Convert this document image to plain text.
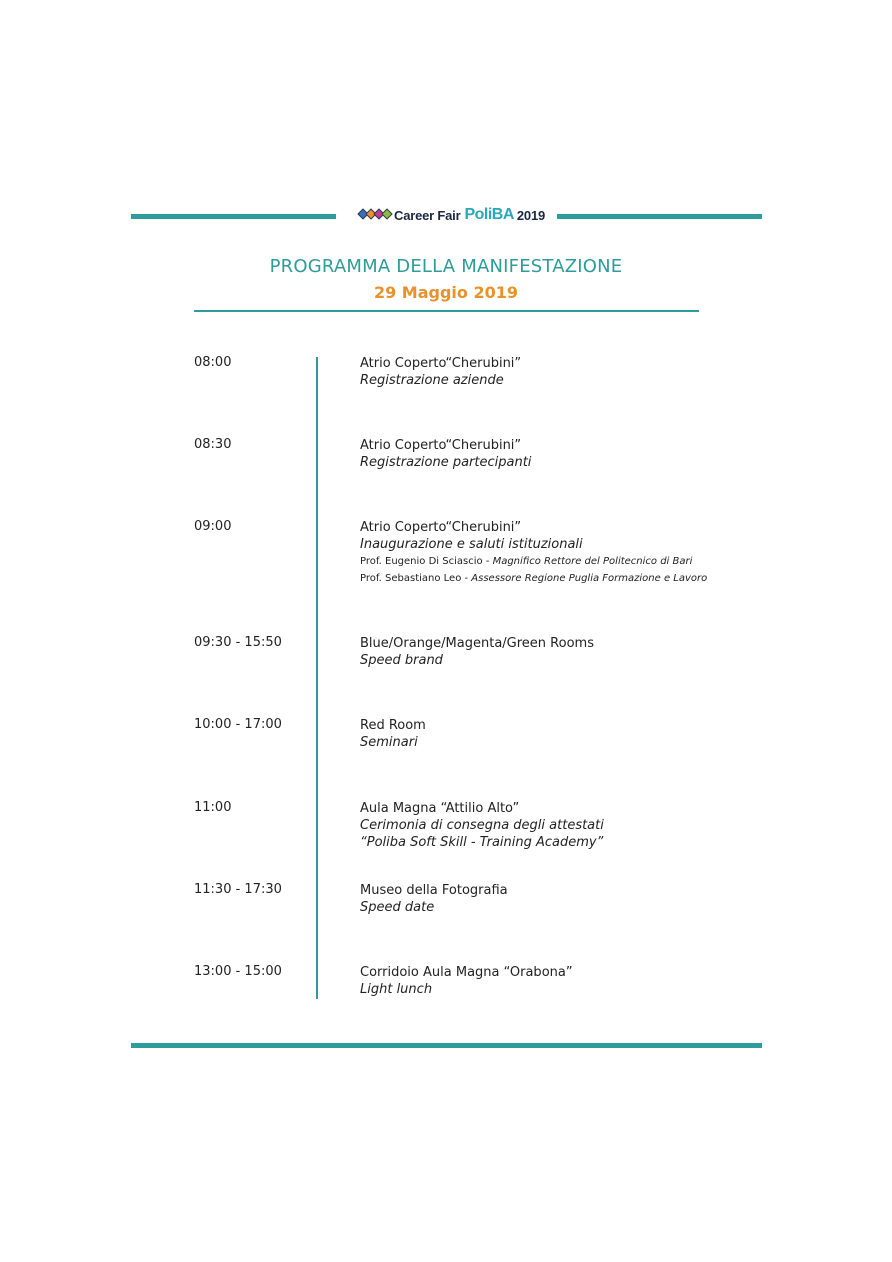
Career Fair PoliBA 2019
PROGRAMMA DELLA MANIFESTAZIONE
29 Maggio 2019
08:00	Atrio Coperto“Cherubini”
Registrazione aziende
08:30	Atrio Coperto“Cherubini”
Registrazione partecipanti
09:00	Atrio Coperto“Cherubini”
Inaugurazione e saluti istituzionali
Prof. Eugenio Di Sciascio - Magnifico Rettore del Politecnico di Bari
Prof. Sebastiano Leo - Assessore Regione Puglia Formazione e Lavoro
09:30 - 15:50	Blue/Orange/Magenta/Green Rooms
Speed brand
10:00 - 17:00	Red Room
Seminari
11:00	Aula Magna “Attilio Alto”
Cerimonia di consegna degli attestati
“Poliba Soft Skill - Training Academy”
11:30 - 17:30	Museo della Fotografia
Speed date
13:00 - 15:00	Corridoio Aula Magna “Orabona”
Light lunch
